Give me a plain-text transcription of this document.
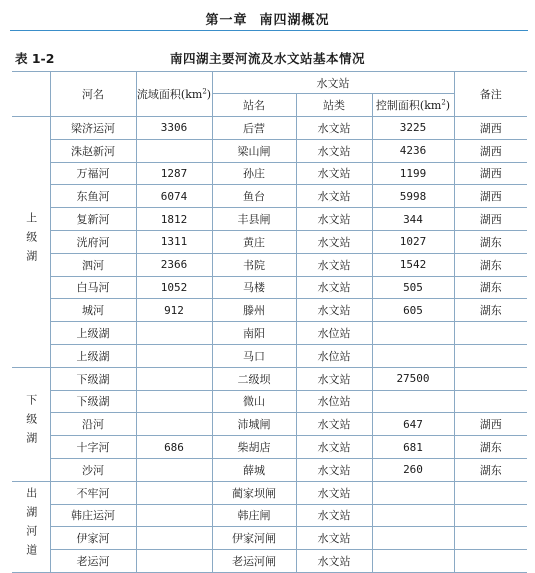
第一章 南四湖概况
表 1-2	南四湖主要河流及水文站基本情况
	河名	流域面积$(km^2)$	水文站			备注
			站名	站类	控制面积$(km^2)$	
上级湖	梁济运河	3306	后营	水文站	3225	湖西
	洙赵新河		梁山闸	水文站	4236	湖西
	万福河	1287	孙庄	水文站	1199	湖西
	东鱼河	6074	鱼台	水文站	5998	湖西
	复新河	1812	丰县闸	水文站	344	湖西
	洸府河	1311	黄庄	水文站	1027	湖东
	泗河	2366	书院	水文站	1542	湖东
	白马河	1052	马楼	水文站	505	湖东
	城河	912	滕州	水文站	605	湖东
	上级湖		南阳	水位站		
	上级湖		马口	水位站		
下级湖	下级湖		二级坝	水文站	27500	
	下级湖		微山	水位站		
	沿河		沛城闸	水文站	647	湖西
	十字河	686	柴胡店	水文站	681	湖东
	沙河		薛城	水文站	260	湖东
出湖河道	不牢河		蔺家坝闸	水文站		
	韩庄运河		韩庄闸	水文站		
	伊家河		伊家河闸	水文站		
	老运河		老运河闸	水文站		
